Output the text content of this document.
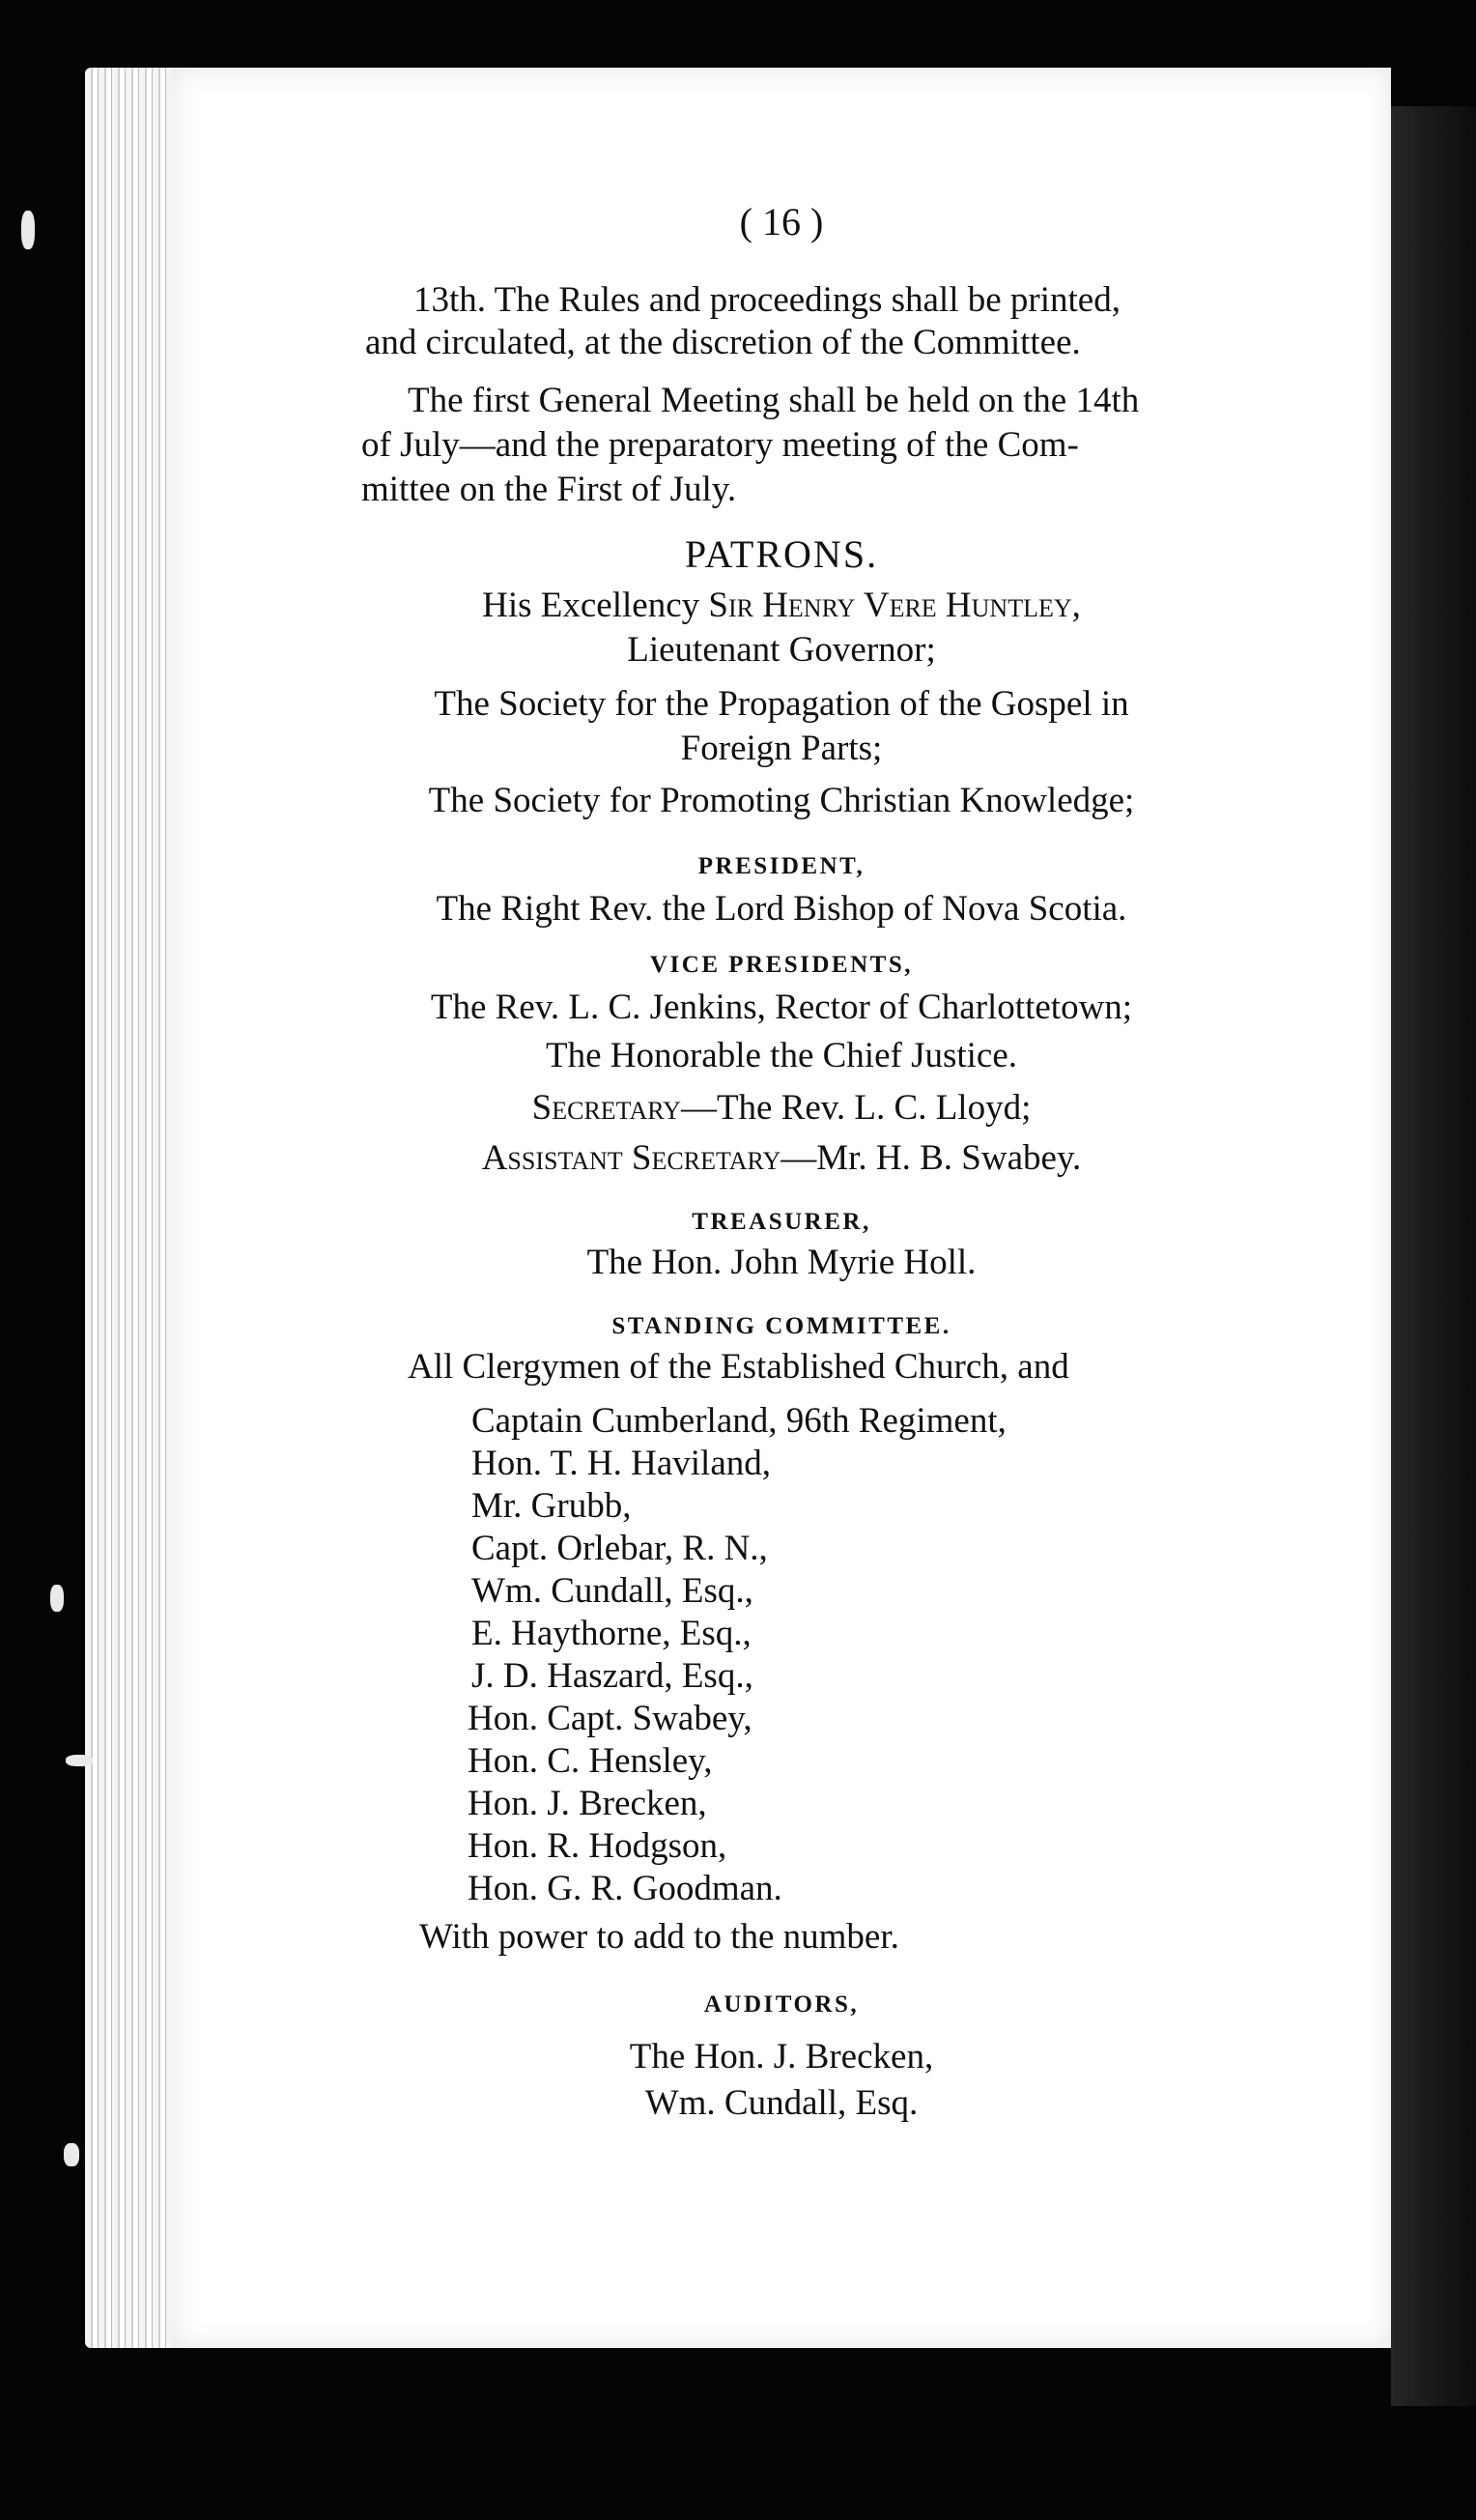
( 16 )
13th. The Rules and proceedings shall be printed,
and circulated, at the discretion of the Committee.
The first General Meeting shall be held on the 14th
of July—and the preparatory meeting of the Com-
mittee on the First of July.
PATRONS.
His Excellency Sir Henry Vere Huntley,
Lieutenant Governor;
The Society for the Propagation of the Gospel in
Foreign Parts;
The Society for Promoting Christian Knowledge;
PRESIDENT,
The Right Rev. the Lord Bishop of Nova Scotia.
VICE PRESIDENTS,
The Rev. L. C. Jenkins, Rector of Charlottetown;
The Honorable the Chief Justice.
Secretary—The Rev. L. C. Lloyd;
Assistant Secretary—Mr. H. B. Swabey.
TREASURER,
The Hon. John Myrie Holl.
STANDING COMMITTEE.
All Clergymen of the Established Church, and
Captain Cumberland, 96th Regiment,
Hon. T. H. Haviland,
Mr. Grubb,
Capt. Orlebar, R. N.,
Wm. Cundall, Esq.,
E. Haythorne, Esq.,
J. D. Haszard, Esq.,
Hon. Capt. Swabey,
Hon. C. Hensley,
Hon. J. Brecken,
Hon. R. Hodgson,
Hon. G. R. Goodman.
With power to add to the number.
AUDITORS,
The Hon. J. Brecken,
Wm. Cundall, Esq.
